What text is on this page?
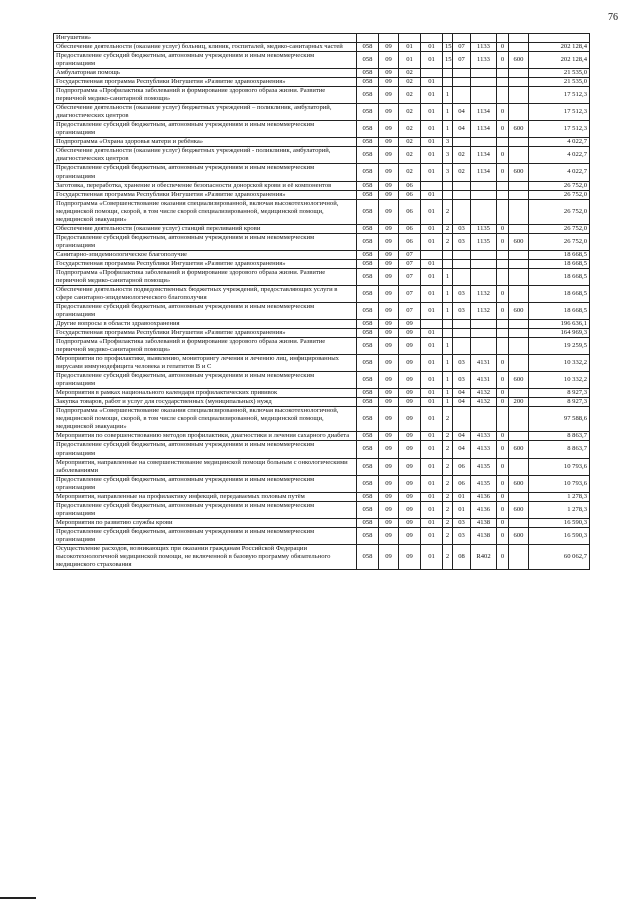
76
Ингушетия»										
Обеспечение деятельности (оказание услуг) больниц, клиник, госпиталей, медико-санитарных частей	058	09	01	01	15	07	1133	0		202 128,4
Предоставление субсидий бюджетным, автономным учреждениям и иным некоммерческим организациям	058	09	01	01	15	07	1133	0	600	202 128,4
Амбулаторная помощь	058	09	02							21 535,0
Государственная программа Республики Ингушетия «Развитие здравоохранения»	058	09	02	01						21 535,0
Подпрограмма «Профилактика заболеваний и формирование здорового образа жизни. Развитие первичной медико-санитарной помощи»	058	09	02	01	1					17 512,3
Обеспечение деятельности (оказание услуг) бюджетных учреждений – поликлиник, амбулаторий, диагностических центров	058	09	02	01	1	04	1134	0		17 512,3
Предоставление субсидий бюджетным, автономным учреждениям и иным некоммерческим организациям	058	09	02	01	1	04	1134	0	600	17 512,3
Подпрограмма «Охрана здоровья матери и ребёнка»	058	09	02	01	3					4 022,7
Обеспечение деятельности (оказание услуг) бюджетных учреждений - поликлиник, амбулаторий, диагностических центров	058	09	02	01	3	02	1134	0		4 022,7
Предоставление субсидий бюджетным, автономным учреждениям и иным некоммерческим организациям	058	09	02	01	3	02	1134	0	600	4 022,7
Заготовка, переработка, хранение и обеспечение безопасности донорской крови и её компонентов	058	09	06							26 752,0
Государственная программа Республики Ингушетия «Развитие здравоохранения»	058	09	06	01						26 752,0
Подпрограмма «Совершенствование оказания специализированной, включая высокотехнологичной, медицинской помощи, скорой, в том числе скорой специализированной, медицинской помощи, медицинской эвакуации»	058	09	06	01	2					26 752,0
Обеспечение деятельности (оказание услуг) станций переливаний крови	058	09	06	01	2	03	1135	0		26 752,0
Предоставление субсидий бюджетным, автономным учреждениям и иным некоммерческим организациям	058	09	06	01	2	03	1135	0	600	26 752,0
Санитарно-эпидемиологическое благополучие	058	09	07							18 668,5
Государственная программа Республики Ингушетия «Развитие здравоохранения»	058	09	07	01						18 668,5
Подпрограмма «Профилактика заболеваний и формирование здорового образа жизни. Развитие первичной медико-санитарной помощи»	058	09	07	01	1					18 668,5
Обеспечение деятельности подведомственных бюджетных учреждений, предоставляющих услуги в сфере санитарно-эпидемиологического благополучия	058	09	07	01	1	03	1132	0		18 668,5
Предоставление субсидий бюджетным, автономным учреждениям и иным некоммерческим организациям	058	09	07	01	1	03	1132	0	600	18 668,5
Другие вопросы в области здравоохранения	058	09	09							196 636,1
Государственная программа Республики Ингушетия «Развитие здравоохранения»	058	09	09	01						164 969,3
Подпрограмма «Профилактика заболеваний и формирование здорового образа жизни. Развитие первичной медико-санитарной помощи»	058	09	09	01	1					19 259,5
Мероприятия по профилактике, выявлению, мониторингу лечения и лечению лиц, инфицированных вирусами иммунодефицита человека и гепатитов В и С	058	09	09	01	1	03	4131	0		10 332,2
Предоставление субсидий бюджетным, автономным учреждениям и иным некоммерческим организациям	058	09	09	01	1	03	4131	0	600	10 332,2
Мероприятия в рамках национального календаря профилактических прививок	058	09	09	01	1	04	4132	0		8 927,3
Закупка товаров, работ и услуг для государственных (муниципальных) нужд	058	09	09	01	1	04	4132	0	200	8 927,3
Подпрограмма «Совершенствование оказания специализированной, включая высокотехнологичной, медицинской помощи, скорой, в том числе скорой специализированной, медицинской помощи, медицинской эвакуации»	058	09	09	01	2					97 588,6
Мероприятия по совершенствованию методов профилактики, диагностики и лечения сахарного диабета	058	09	09	01	2	04	4133	0		8 863,7
Предоставление субсидий бюджетным, автономным учреждениям и иным некоммерческим организациям	058	09	09	01	2	04	4133	0	600	8 863,7
Мероприятия, направленные на совершенствование медицинской помощи больным с онкологическими заболеваниями	058	09	09	01	2	06	4135	0		10 793,6
Предоставление субсидий бюджетным, автономным учреждениям и иным некоммерческим организациям	058	09	09	01	2	06	4135	0	600	10 793,6
Мероприятия, направленные на профилактику инфекций, передаваемых половым путём	058	09	09	01	2	01	4136	0		1 278,3
Предоставление субсидий бюджетным, автономным учреждениям и иным некоммерческим организациям	058	09	09	01	2	01	4136	0	600	1 278,3
Мероприятия по развитию службы крови	058	09	09	01	2	03	4138	0		16 590,3
Предоставление субсидий бюджетным, автономным учреждениям и иным некоммерческим организациям	058	09	09	01	2	03	4138	0	600	16 590,3
Осуществление расходов, возникающих при оказании гражданам Российской Федерации высокотехнологичной медицинской помощи, не включенной в базовую программу обязательного медицинского страхования	058	09	09	01	2	08	R402	0		60 062,7
